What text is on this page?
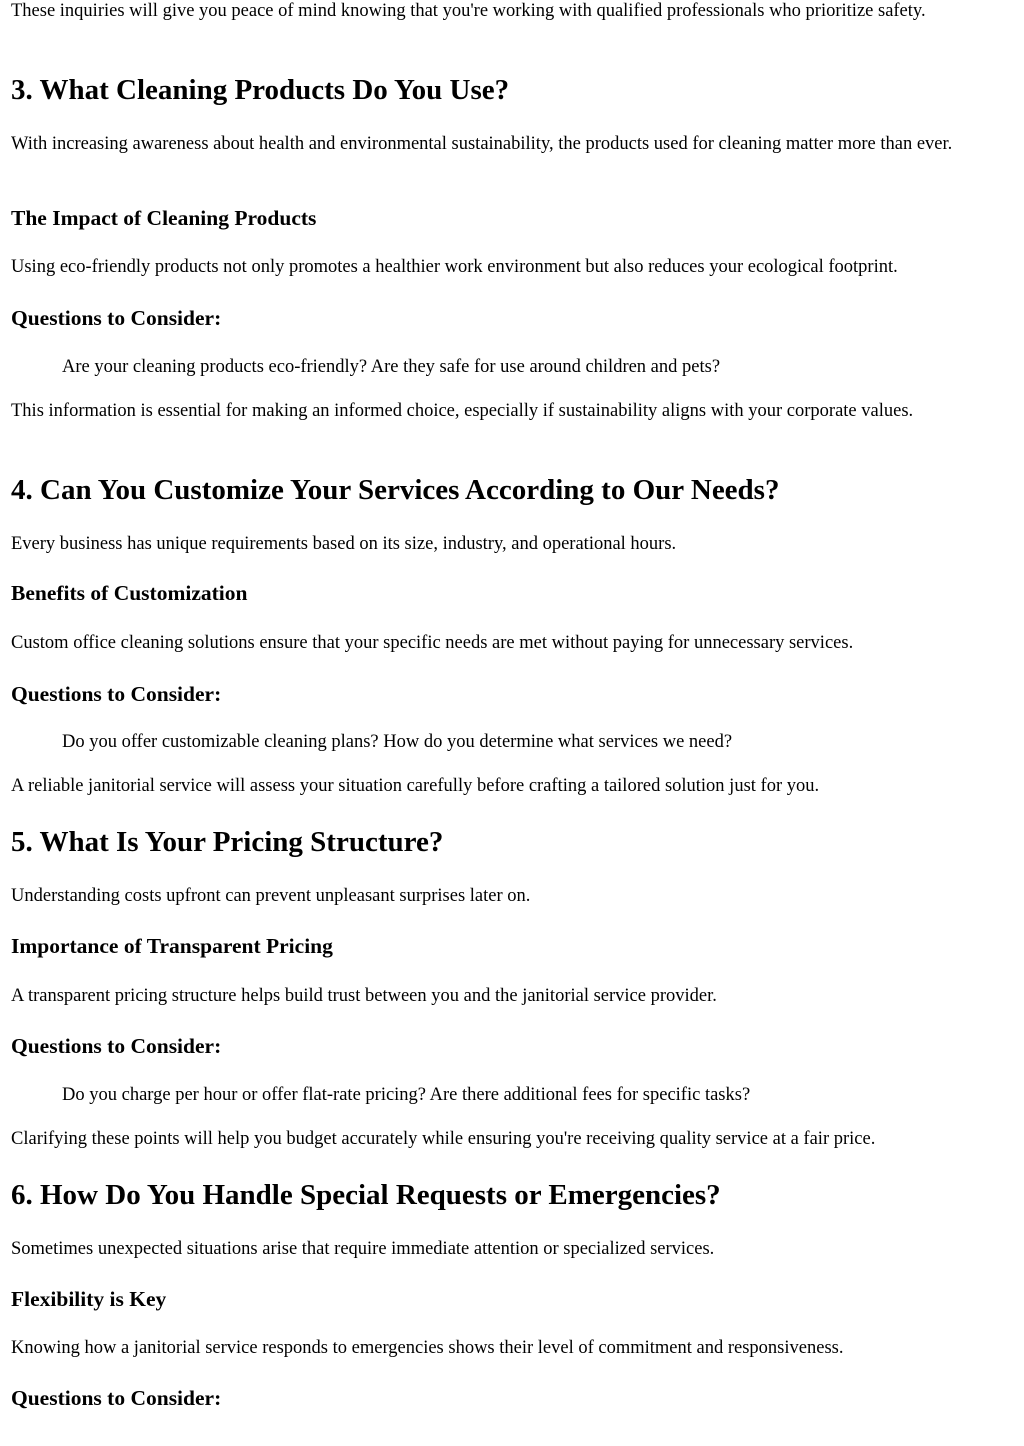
These inquiries will give you peace of mind knowing that you're working with qualified professionals who prioritize safety.

3. What Cleaning Products Do You Use?

With increasing awareness about health and environmental sustainability, the products used for cleaning matter more than ever.

The Impact of Cleaning Products

Using eco-friendly products not only promotes a healthier work environment but also reduces your ecological footprint.

Questions to Consider:
Are your cleaning products eco-friendly? Are they safe for use around children and pets?

This information is essential for making an informed choice, especially if sustainability aligns with your corporate values.

4. Can You Customize Your Services According to Our Needs?

Every business has unique requirements based on its size, industry, and operational hours.

Benefits of Customization

Custom office cleaning solutions ensure that your specific needs are met without paying for unnecessary services.

Questions to Consider:
Do you offer customizable cleaning plans? How do you determine what services we need?

A reliable janitorial service will assess your situation carefully before crafting a tailored solution just for you.

5. What Is Your Pricing Structure?

Understanding costs upfront can prevent unpleasant surprises later on.

Importance of Transparent Pricing

A transparent pricing structure helps build trust between you and the janitorial service provider.

Questions to Consider:
Do you charge per hour or offer flat-rate pricing? Are there additional fees for specific tasks?

Clarifying these points will help you budget accurately while ensuring you're receiving quality service at a fair price.

6. How Do You Handle Special Requests or Emergencies?

Sometimes unexpected situations arise that require immediate attention or specialized services.

Flexibility is Key

Knowing how a janitorial service responds to emergencies shows their level of commitment and responsiveness.

Questions to Consider:
